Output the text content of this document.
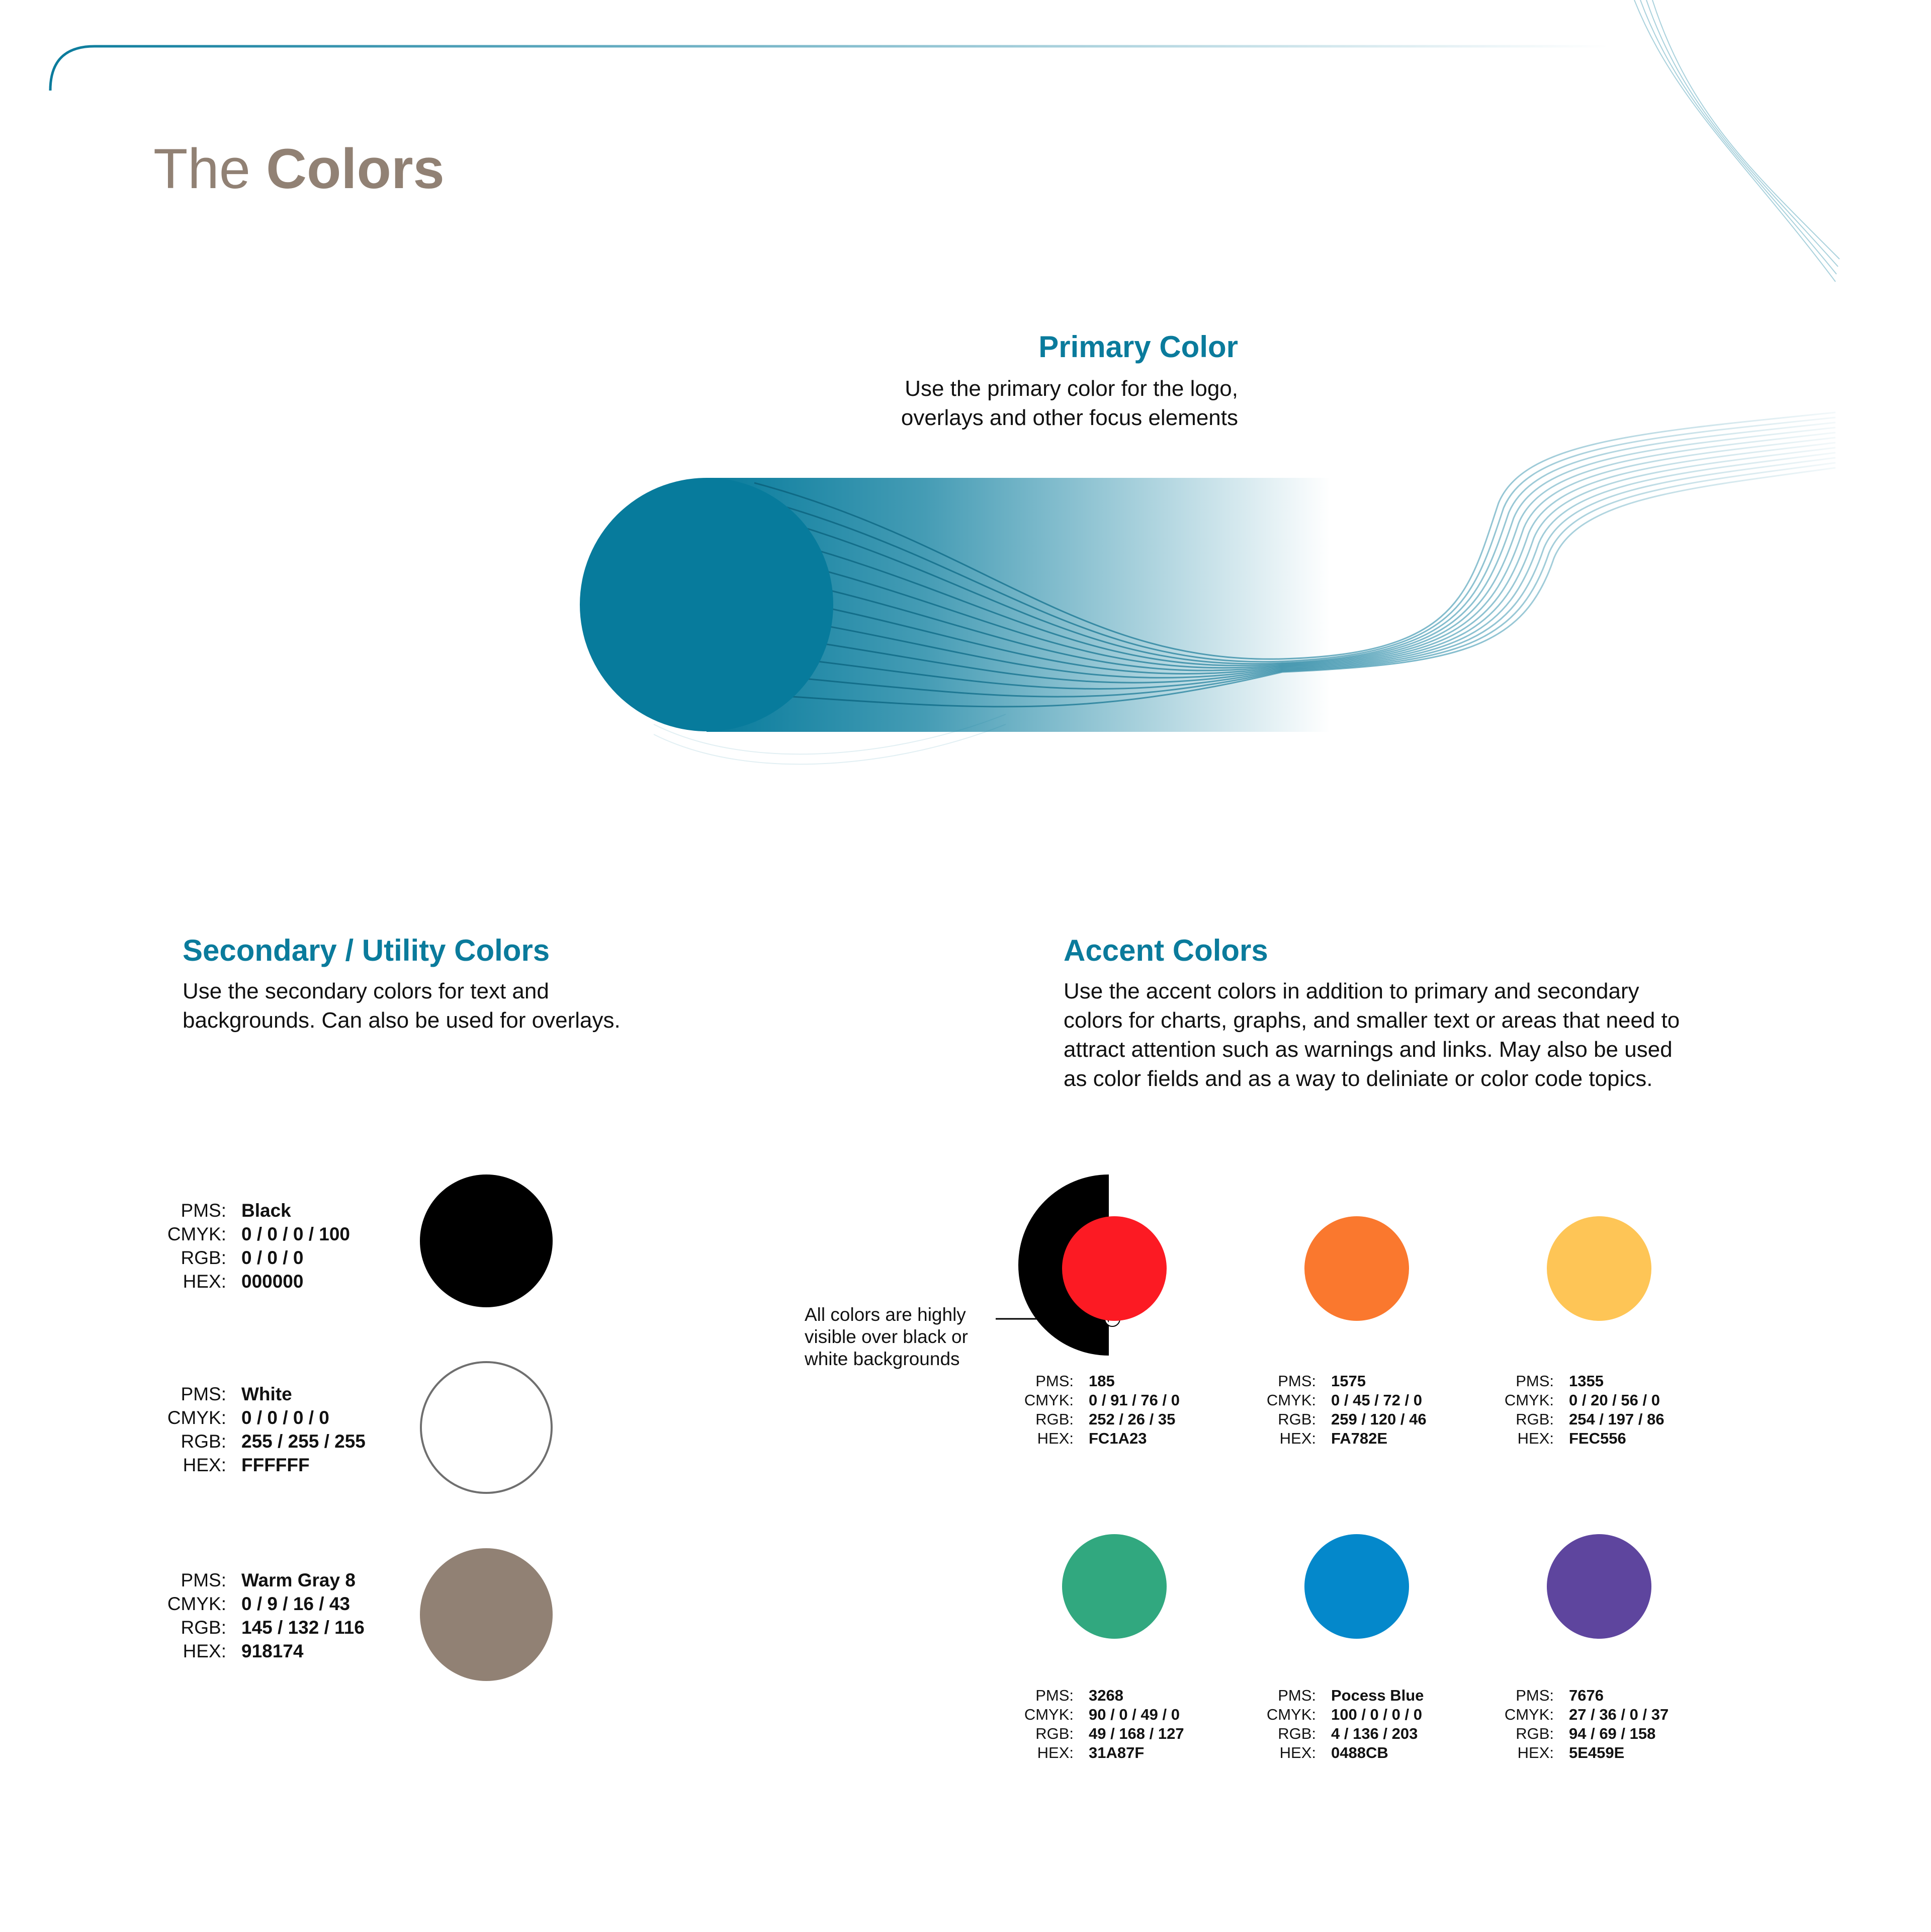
The Colors
Primary Color

Use the primary color for the logo,

overlays and other focus elements

Secondary / Utility Colors

Use the secondary colors for text and

backgrounds. Can also be used for overlays.

PMS: Black
CMYK: 0 / 0 / 0 / 100
RGB: 0 / 0 / 0
HEX: 000000
PMS: White
CMYK: 0 / 0 / 0 / 0
RGB: 255 / 255 / 255
HEX: FFFFFF
PMS: Warm Gray 8
CMYK: 0 / 9 / 16 / 43
RGB: 145 / 132 / 116
HEX: 918174
Accent Colors

Use the accent colors in addition to primary and secondary

colors for charts, graphs, and smaller text or areas that need to

attract attention such as warnings and links. May also be used

as color fields and as a way to deliniate or color code topics.

All colors are highly

visible over black or

white backgrounds

PMS: 185
CMYK: 0 / 91 / 76 / 0
RGB: 252 / 26 / 35
HEX: FC1A23
PMS: 1575
CMYK: 0 / 45 / 72 / 0
RGB: 259 / 120 / 46
HEX: FA782E
PMS: 1355
CMYK: 0 / 20 / 56 / 0
RGB: 254 / 197 / 86
HEX: FEC556
PMS: 3268
CMYK: 90 / 0 / 49 / 0
RGB: 49 / 168 / 127
HEX: 31A87F
PMS: Pocess Blue
CMYK: 100 / 0 / 0 / 0
RGB: 4 / 136 / 203
HEX: 0488CB
PMS: 7676
CMYK: 27 / 36 / 0 / 37
RGB: 94 / 69 / 158
HEX: 5E459E
